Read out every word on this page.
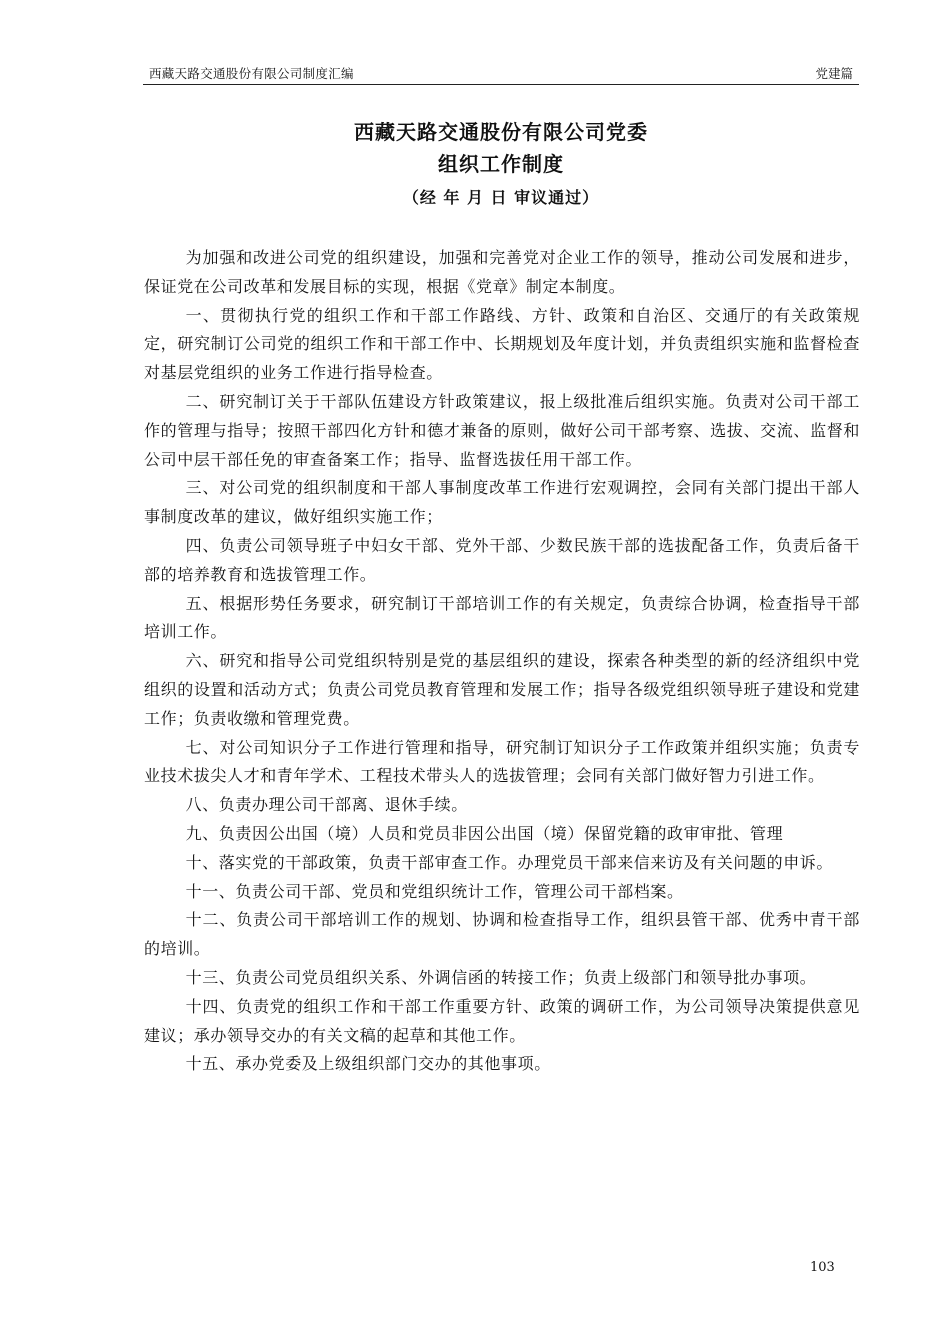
西藏天路交通股份有限公司制度汇编	党建篇
西藏天路交通股份有限公司党委
组织工作制度
（经 年 月 日 审议通过）

为加强和改进公司党的组织建设，加强和完善党对企业工作的领导，推动公司发展和进步，保证党在公司改革和发展目标的实现，根据《党章》制定本制度。

一、贯彻执行党的组织工作和干部工作路线、方针、政策和自治区、交通厅的有关政策规定，研究制订公司党的组织工作和干部工作中、长期规划及年度计划，并负责组织实施和监督检查对基层党组织的业务工作进行指导检查。

二、研究制订关于干部队伍建设方针政策建议，报上级批准后组织实施。负责对公司干部工作的管理与指导；按照干部四化方针和德才兼备的原则，做好公司干部考察、选拔、交流、监督和公司中层干部任免的审查备案工作；指导、监督选拔任用干部工作。

三、对公司党的组织制度和干部人事制度改革工作进行宏观调控，会同有关部门提出干部人事制度改革的建议，做好组织实施工作；

四、负责公司领导班子中妇女干部、党外干部、少数民族干部的选拔配备工作，负责后备干部的培养教育和选拔管理工作。

五、根据形势任务要求，研究制订干部培训工作的有关规定，负责综合协调，检查指导干部培训工作。

六、研究和指导公司党组织特别是党的基层组织的建设，探索各种类型的新的经济组织中党组织的设置和活动方式；负责公司党员教育管理和发展工作；指导各级党组织领导班子建设和党建工作；负责收缴和管理党费。

七、对公司知识分子工作进行管理和指导，研究制订知识分子工作政策并组织实施；负责专业技术拔尖人才和青年学术、工程技术带头人的选拔管理；会同有关部门做好智力引进工作。

八、负责办理公司干部离、退休手续。

九、负责因公出国（境）人员和党员非因公出国（境）保留党籍的政审审批、管理

十、落实党的干部政策，负责干部审查工作。办理党员干部来信来访及有关问题的申诉。

十一、负责公司干部、党员和党组织统计工作，管理公司干部档案。

十二、负责公司干部培训工作的规划、协调和检查指导工作，组织县管干部、优秀中青干部的培训。

十三、负责公司党员组织关系、外调信函的转接工作；负责上级部门和领导批办事项。

十四、负责党的组织工作和干部工作重要方针、政策的调研工作，为公司领导决策提供意见建议；承办领导交办的有关文稿的起草和其他工作。

十五、承办党委及上级组织部门交办的其他事项。

103
